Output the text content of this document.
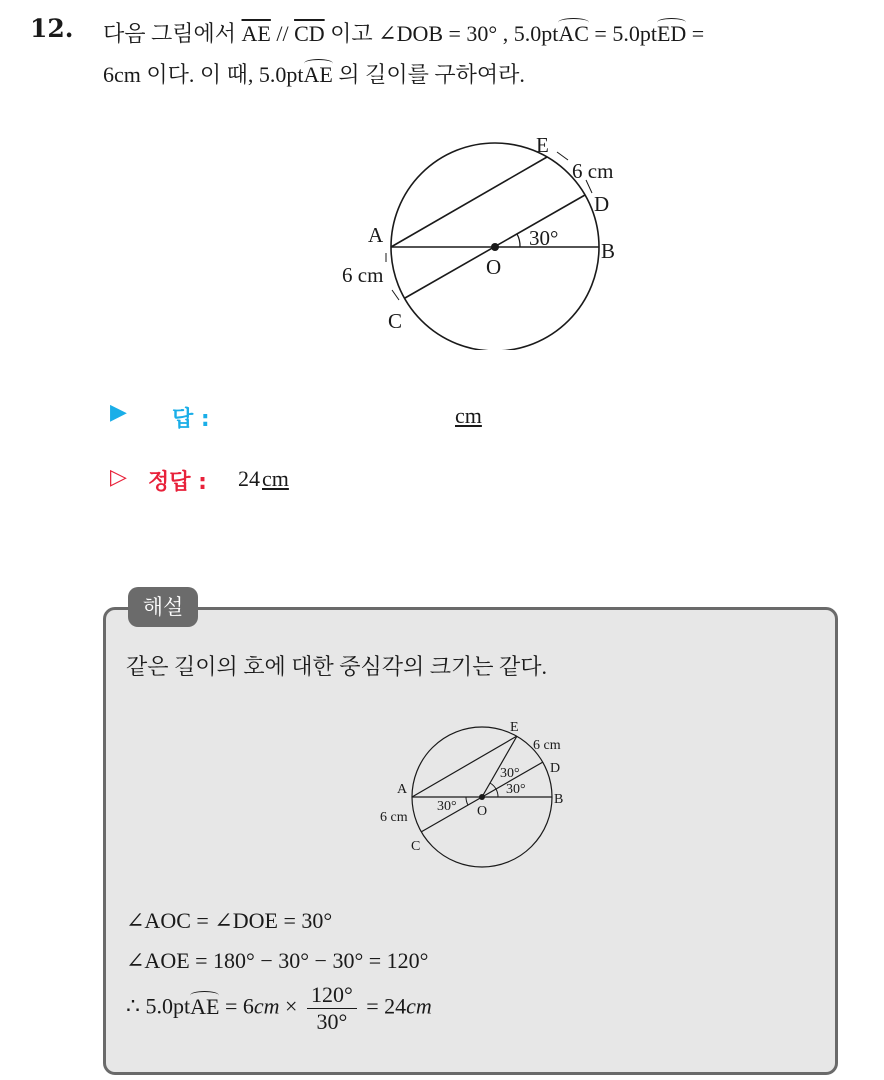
12. 다음 그림에서 $\overline{AE} // \overline{CD}$ 이고 ∠DOB = 30° , 5.0ptAC = 5.0ptED =
6cm 이다. 이 때, 5.0ptAE 의 길이를 구하여라.
E
6 cm
D
30°
A
B
O
6 cm
C
▶ 답 :	cm
▷ 정답 : 24cm
해설
같은 길이의 호에 대한 중심각의 크기는 같다.
E
6 cm
D
30°
30°
A
30°	B
O
6 cm
C
∠AOC = ∠DOE = 30°
∠AOE = 180° − 30° − 30° = 120°
∴ 5.0ptAE = $6cm \times \frac{120^\circ}{30^\circ} = 24cm$
